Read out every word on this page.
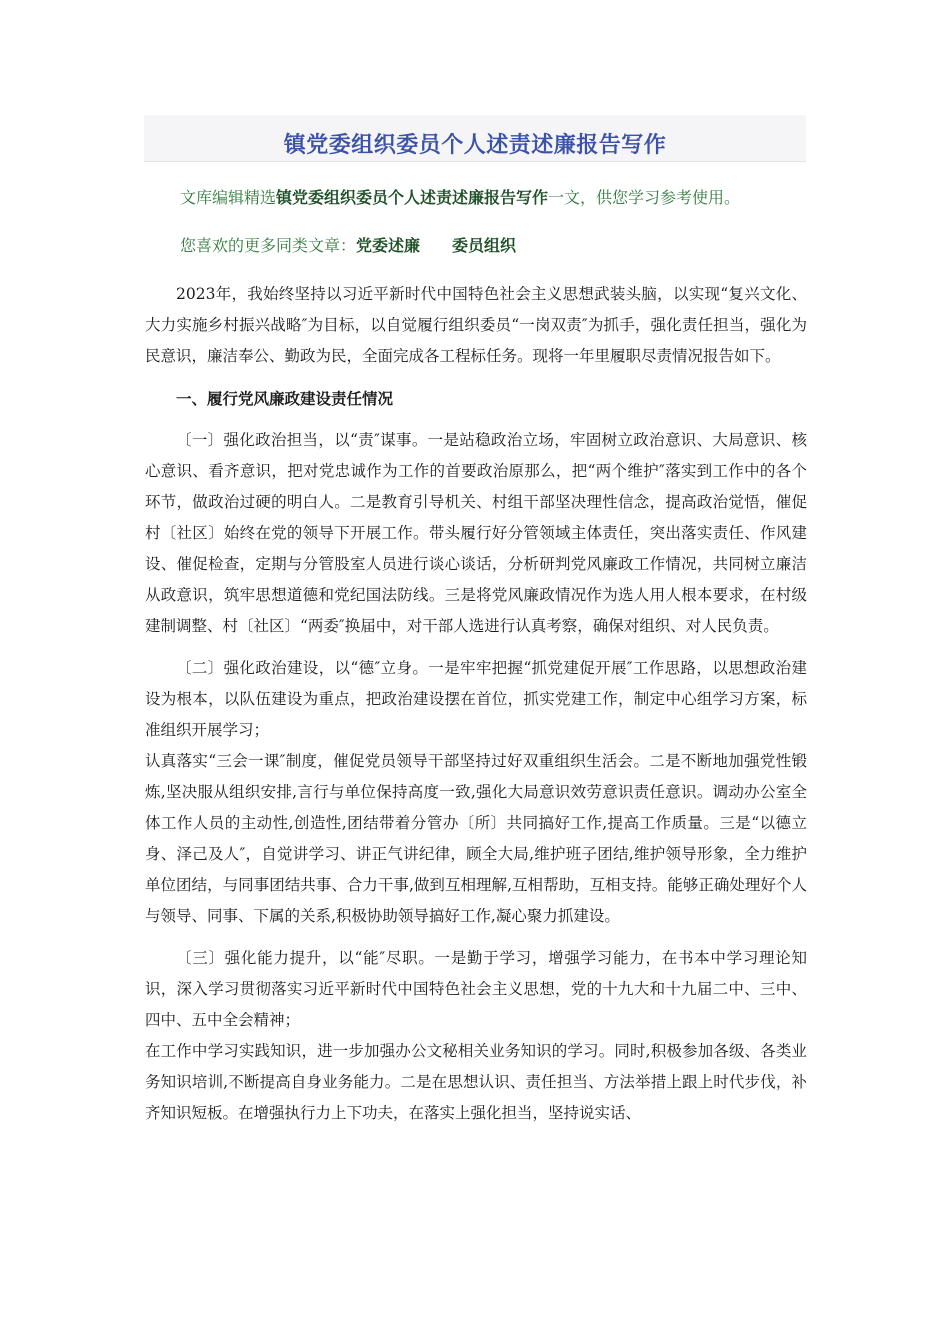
镇党委组织委员个人述责述廉报告写作
文库编辑精选镇党委组织委员个人述责述廉报告写作一文，供您学习参考使用。
您喜欢的更多同类文章：党委述廉 委员组织

2023年，我始终坚持以习近平新时代中国特色社会主义思想武装头脑，以实现“复兴文化、大力实施乡村振兴战略″为目标，以自觉履行组织委员“一岗双责″为抓手，强化责任担当，强化为民意识，廉洁奉公、勤政为民，全面完成各工程标任务。现将一年里履职尽责情况报告如下。

一、履行党风廉政建设责任情况

〔一〕强化政治担当，以“责″谋事。一是站稳政治立场，牢固树立政治意识、大局意识、核心意识、看齐意识，把对党忠诚作为工作的首要政治原那么，把“两个维护″落实到工作中的各个环节，做政治过硬的明白人。二是教育引导机关、村组干部坚决理性信念，提高政治觉悟，催促村〔社区〕始终在党的领导下开展工作。带头履行好分管领域主体责任，突出落实责任、作风建设、催促检查，定期与分管股室人员进行谈心谈话，分析研判党风廉政工作情况，共同树立廉洁从政意识，筑牢思想道德和党纪国法防线。三是将党风廉政情况作为选人用人根本要求，在村级建制调整、村〔社区〕“两委″换届中，对干部人选进行认真考察，确保对组织、对人民负责。

〔二〕强化政治建设，以“德″立身。一是牢牢把握“抓党建促开展″工作思路，以思想政治建设为根本，以队伍建设为重点，把政治建设摆在首位，抓实党建工作，制定中心组学习方案，标准组织开展学习；

认真落实“三会一课″制度，催促党员领导干部坚持过好双重组织生活会。二是不断地加强党性锻炼,坚决服从组织安排,言行与单位保持高度一致,强化大局意识效劳意识责任意识。调动办公室全体工作人员的主动性,创造性,团结带着分管办〔所〕共同搞好工作,提高工作质量。三是“以德立身、泽己及人″，自觉讲学习、讲正气讲纪律，顾全大局,维护班子团结,维护领导形象，全力维护单位团结，与同事团结共事、合力干事,做到互相理解,互相帮助，互相支持。能够正确处理好个人与领导、同事、下属的关系,积极协助领导搞好工作,凝心聚力抓建设。

〔三〕强化能力提升，以“能″尽职。一是勤于学习，增强学习能力，在书本中学习理论知识，深入学习贯彻落实习近平新时代中国特色社会主义思想，党的十九大和十九届二中、三中、四中、五中全会精神；

在工作中学习实践知识，进一步加强办公文秘相关业务知识的学习。同时,积极参加各级、各类业务知识培训,不断提高自身业务能力。二是在思想认识、责任担当、方法举措上跟上时代步伐，补齐知识短板。在增强执行力上下功夫，在落实上强化担当，坚持说实话、
